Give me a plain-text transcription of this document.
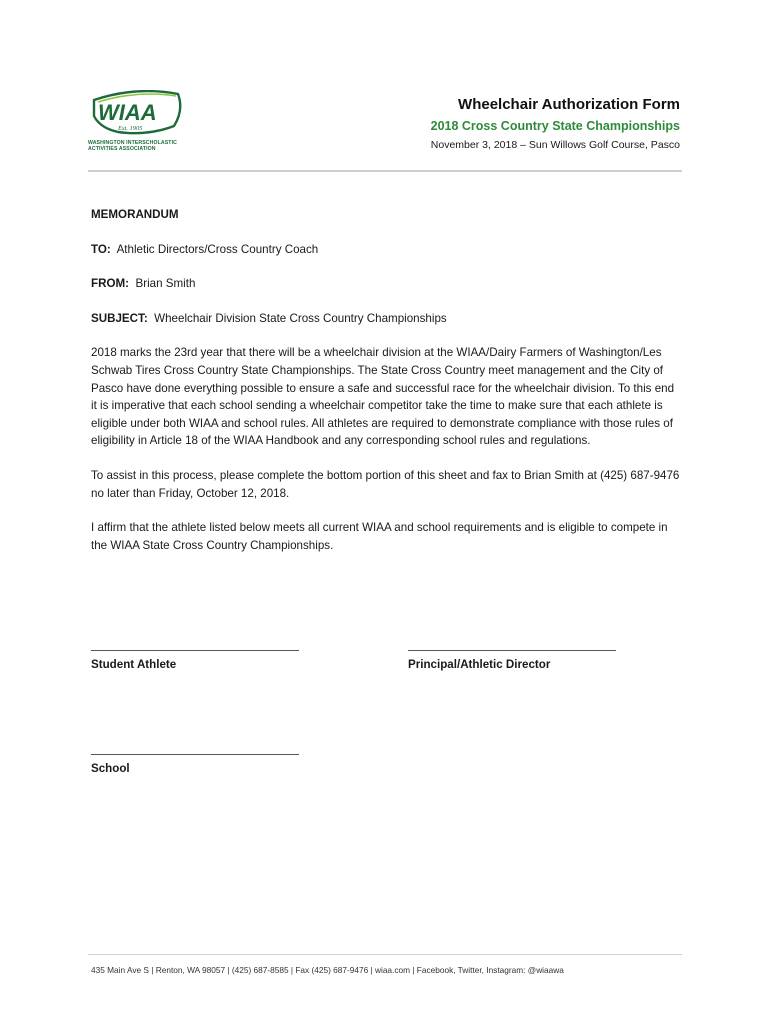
WIAA
Est. 1905
WASHINGTON INTERSCHOLASTIC
ACTIVITIES ASSOCIATION
Wheelchair Authorization Form
2018 Cross Country State Championships
November 3, 2018 – Sun Willows Golf Course, Pasco

MEMORANDUM

TO: Athletic Directors/Cross Country Coach

FROM: Brian Smith

SUBJECT: Wheelchair Division State Cross Country Championships

2018 marks the 23rd year that there will be a wheelchair division at the WIAA/Dairy Farmers of Washington/Les Schwab Tires Cross Country State Championships. The State Cross Country meet management and the City of Pasco have done everything possible to ensure a safe and successful race for the wheelchair division. To this end it is imperative that each school sending a wheelchair competitor take the time to make sure that each athlete is eligible under both WIAA and school rules. All athletes are required to demonstrate compliance with those rules of eligibility in Article 18 of the WIAA Handbook and any corresponding school rules and regulations.

To assist in this process, please complete the bottom portion of this sheet and fax to Brian Smith at (425) 687-9476 no later than Friday, October 12, 2018.

I affirm that the athlete listed below meets all current WIAA and school requirements and is eligible to compete in the WIAA State Cross Country Championships.

Student Athlete	Principal/Athletic Director
School
435 Main Ave S | Renton, WA 98057 | (425) 687-8585 | Fax (425) 687-9476 | wiaa.com | Facebook, Twitter, Instagram: @wiaawa
